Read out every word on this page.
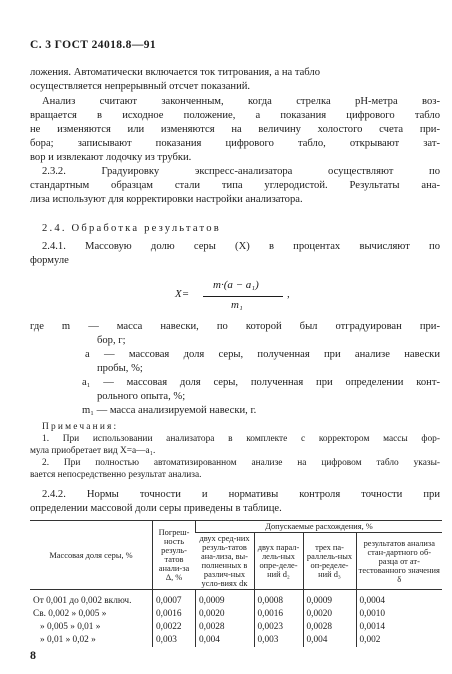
С. 3 ГОСТ 24018.8—91
ложения. Автоматически включается ток титрования, а на табло
осуществляется непрерывный отсчет показаний.
Анализ считают законченным, когда стрелка рН-метра воз-
вращается в исходное положение, а показания цифрового табло
не изменяются или изменяются на величину холостого счета при-
бора; записывают показания цифрового табло, открывают зат-
вор и извлекают лодочку из трубки.
2.3.2. Градуировку экспресс-анализатора осуществляют по
стандартным образцам стали типа углеродистой. Результаты ана-
лиза используют для корректировки настройки анализатора.
2.4. Обработка результатов
2.4.1. Массовую долю серы (X) в процентах вычисляют по
формуле
X=
m·(a − a₁)
m₁
,
где m — масса навески, по которой был отградуирован при-
бор, г;
a — массовая доля серы, полученная при анализе навески
пробы, %;
a₁ — массовая доля серы, полученная при определении конт-
рольного опыта, %;
m₁ — масса анализируемой навески, г.
Примечания:
1. При использовании анализатора в комплекте с корректором массы фор-
мула приобретает вид X=a—a₁.
2. При полностью автоматизированном анализе на цифровом табло указы-
вается непосредственно результат анализа.
2.4.2. Нормы точности и нормативы контроля точности при
определении массовой доли серы приведены в таблице.
Массовая доля серы, %	Погреш-ность резуль-татов анали-за Δ, %	Допускаемые расхождения, %			
		двух сред-них резуль-татов ана-лиза, вы-полненных в различ-ных усло-виях dк	двух парал-лель-ных опре-деле-ний d₂	трех па-раллель-ных оп-ределе-ний d₃	результатов анализа стан-дартного об-разца от ат-тестованного значения δ
От 0,001 до 0,002 включ.	0,0007	0,0009	0,0008	0,0009	0,0004
Св. 0,002 » 0,005 »	0,0016	0,0020	0,0016	0,0020	0,0010
» 0,005 » 0,01 »	0,0022	0,0028	0,0023	0,0028	0,0014
» 0,01 » 0,02 »	0,003	0,004	0,003	0,004	0,002
8
